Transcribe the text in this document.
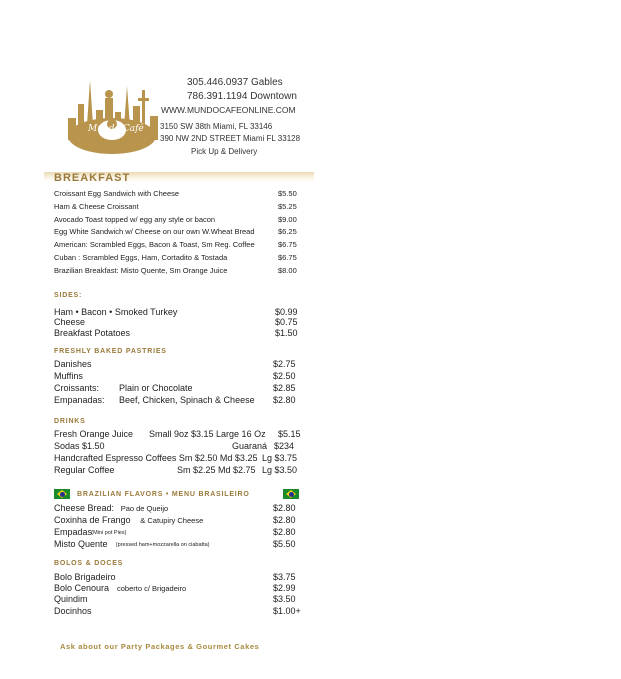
Mundo Café
305.446.0937 Gables
786.391.1194 Downtown
WWW.MUNDOCAFEONLINE.COM
3150 SW 38th Miami, FL 33146
390 NW 2ND STREET Miami FL 33128
Pick Up & Delivery
BREAKFAST
Croissant Egg Sandwich with Cheese	$5.50
Ham & Cheese Croissant	$5.25
Avocado Toast topped w/ egg any style or bacon	$9.00
Egg White Sandwich w/ Cheese on our own W.Wheat Bread	$6.25
American: Scrambled Eggs, Bacon & Toast, Sm Reg. Coffee	$6.75
Cuban : Scrambled Eggs, Ham, Cortadito & Tostada	$6.75
Brazilian Breakfast: Misto Quente, Sm Orange Juice	$8.00
SIDES:
Ham • Bacon • Smoked Turkey	$0.99
Cheese	$0.75
Breakfast Potatoes	$1.50
FRESHLY BAKED PASTRIES
Danishes	$2.75
Muffins	$2.50
Croissants: Plain or Chocolate	$2.85
Empanadas: Beef, Chicken, Spinach & Cheese $2.80
DRINKS
Fresh Orange Juice Small 9oz $3.15 Large 16 Oz $5.15
Sodas $1.50	Guaraná $234
Handcrafted Espresso Coffees Sm $2.50 Md $3.25 Lg $3.75
Regular Coffee	Sm $2.25 Md $2.75 Lg $3.50
BRAZILIAN FLAVORS • MENU BRASILEIRO
Cheese Bread: Pao de Queijo	$2.80
Coxinha de Frango & Catupiry Cheese	$2.80
Empadas (Mini pot Pies)	$2.80
Misto Quente (pressed ham+mozzarella on ciabatta)	$5.50
BOLOS & DOCES
Bolo Brigadeiro	$3.75
Bolo Cenoura coberto c/ Brigadeiro	$2.99
Quindim	$3.50
Docinhos	$1.00+
Ask about our Party Packages & Gourmet Cakes
